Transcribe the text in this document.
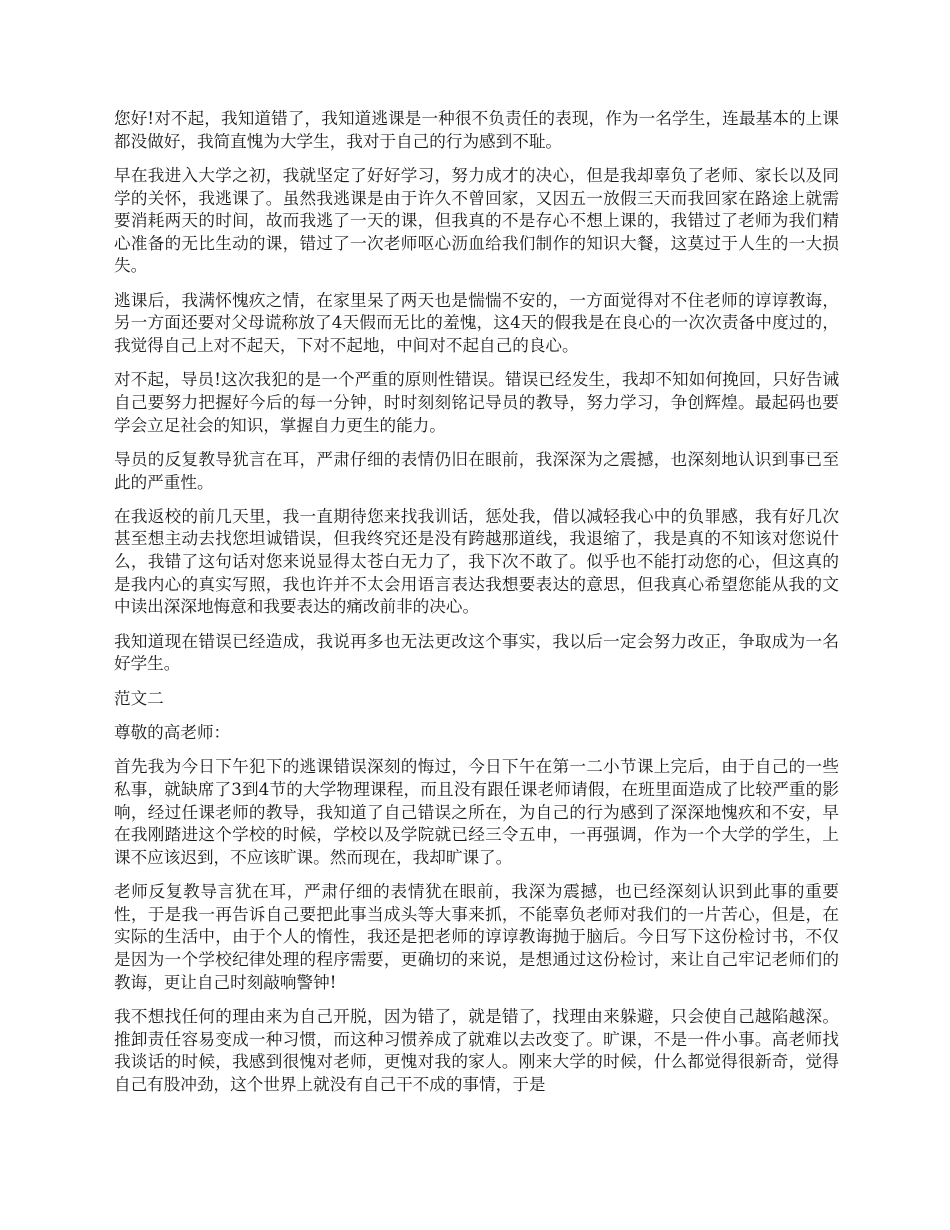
您好!对不起，我知道错了，我知道逃课是一种很不负责任的表现，作为一名学生，连最基本的上课都没做好，我简直愧为大学生，我对于自己的行为感到不耻。

早在我进入大学之初，我就坚定了好好学习，努力成才的决心，但是我却辜负了老师、家长以及同学的关怀，我逃课了。虽然我逃课是由于许久不曾回家，又因五一放假三天而我回家在路途上就需要消耗两天的时间，故而我逃了一天的课，但我真的不是存心不想上课的，我错过了老师为我们精心准备的无比生动的课，错过了一次老师呕心沥血给我们制作的知识大餐，这莫过于人生的一大损失。

逃课后，我满怀愧疚之情，在家里呆了两天也是惴惴不安的，一方面觉得对不住老师的谆谆教诲，另一方面还要对父母谎称放了4天假而无比的羞愧，这4天的假我是在良心的一次次责备中度过的，我觉得自己上对不起天，下对不起地，中间对不起自己的良心。

对不起，导员!这次我犯的是一个严重的原则性错误。错误已经发生，我却不知如何挽回，只好告诫自己要努力把握好今后的每一分钟，时时刻刻铭记导员的教导，努力学习，争创辉煌。最起码也要学会立足社会的知识，掌握自力更生的能力。

导员的反复教导犹言在耳，严肃仔细的表情仍旧在眼前，我深深为之震撼，也深刻地认识到事已至此的严重性。

在我返校的前几天里，我一直期待您来找我训话，惩处我，借以减轻我心中的负罪感，我有好几次甚至想主动去找您坦诚错误，但我终究还是没有跨越那道线，我退缩了，我是真的不知该对您说什么，我错了这句话对您来说显得太苍白无力了，我下次不敢了。似乎也不能打动您的心，但这真的是我内心的真实写照，我也许并不太会用语言表达我想要表达的意思，但我真心希望您能从我的文中读出深深地悔意和我要表达的痛改前非的决心。

我知道现在错误已经造成，我说再多也无法更改这个事实，我以后一定会努力改正，争取成为一名好学生。

范文二

尊敬的高老师：

首先我为今日下午犯下的逃课错误深刻的悔过，今日下午在第一二小节课上完后，由于自己的一些私事，就缺席了3到4节的大学物理课程，而且没有跟任课老师请假，在班里面造成了比较严重的影响，经过任课老师的教导，我知道了自己错误之所在，为自己的行为感到了深深地愧疚和不安，早在我刚踏进这个学校的时候，学校以及学院就已经三令五申，一再强调，作为一个大学的学生，上课不应该迟到，不应该旷课。然而现在，我却旷课了。

老师反复教导言犹在耳，严肃仔细的表情犹在眼前，我深为震撼，也已经深刻认识到此事的重要性，于是我一再告诉自己要把此事当成头等大事来抓，不能辜负老师对我们的一片苦心，但是，在实际的生活中，由于个人的惰性，我还是把老师的谆谆教诲抛于脑后。今日写下这份检讨书，不仅是因为一个学校纪律处理的程序需要，更确切的来说，是想通过这份检讨，来让自己牢记老师们的教诲，更让自己时刻敲响警钟!

我不想找任何的理由来为自己开脱，因为错了，就是错了，找理由来躲避，只会使自己越陷越深。推卸责任容易变成一种习惯，而这种习惯养成了就难以去改变了。旷课，不是一件小事。高老师找我谈话的时候，我感到很愧对老师，更愧对我的家人。刚来大学的时候，什么都觉得很新奇，觉得自己有股冲劲，这个世界上就没有自己干不成的事情，于是
